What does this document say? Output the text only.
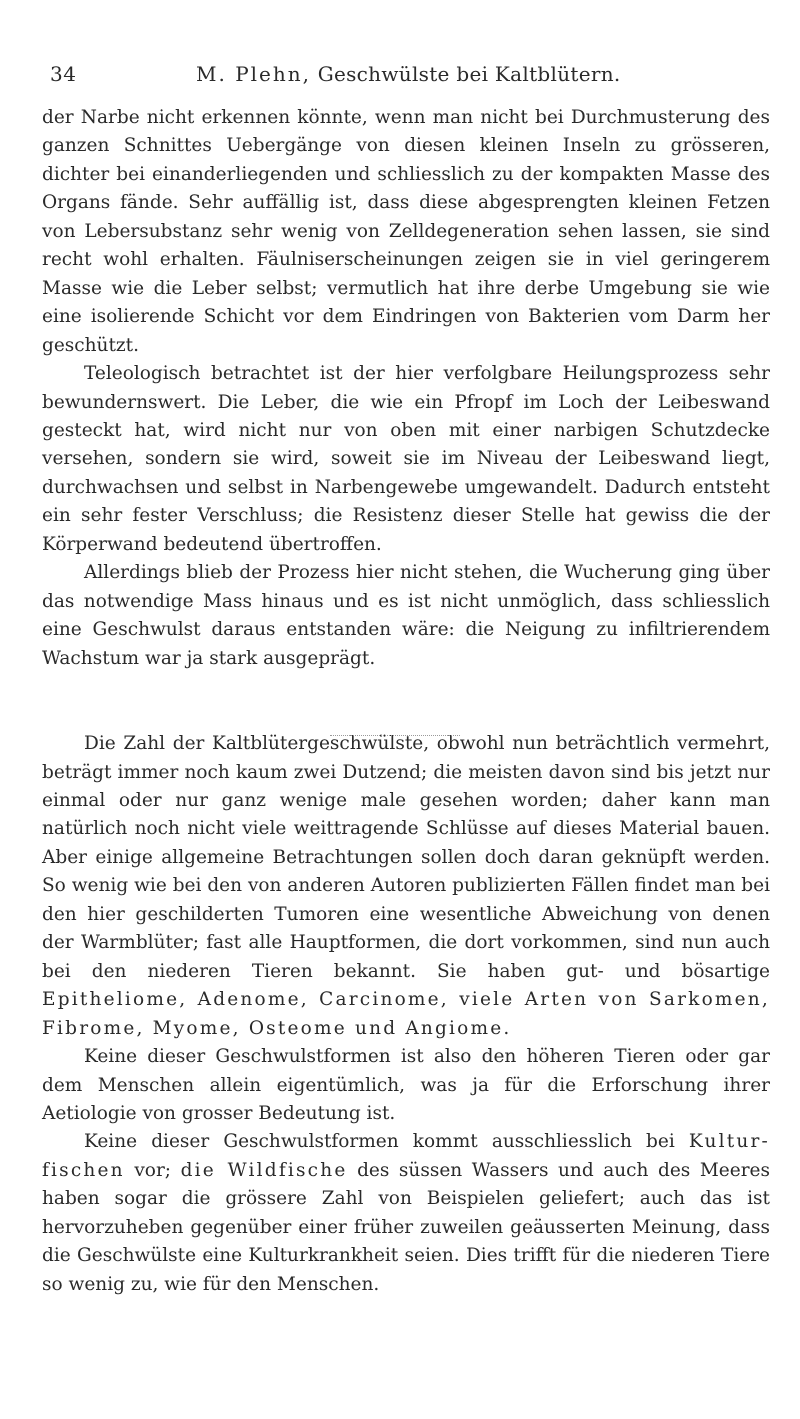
34	M. Plehn, Geschwülste bei Kaltblütern.

der Narbe nicht erkennen könnte, wenn man nicht bei Durchmusterung des ganzen Schnittes Uebergänge von diesen kleinen Inseln zu grösseren, dichter bei einanderliegenden und schliesslich zu der kompakten Masse des Organs fände. Sehr auffällig ist, dass diese abgesprengten kleinen Fetzen von Lebersubstanz sehr wenig von Zelldegeneration sehen lassen, sie sind recht wohl erhalten. Fäulniserscheinungen zeigen sie in viel geringerem Masse wie die Leber selbst; vermutlich hat ihre derbe Umgebung sie wie eine isolierende Schicht vor dem Eindringen von Bakterien vom Darm her geschützt.

Teleologisch betrachtet ist der hier verfolgbare Heilungsprozess sehr bewundernswert. Die Leber, die wie ein Pfropf im Loch der Leibeswand gesteckt hat, wird nicht nur von oben mit einer narbigen Schutzdecke versehen, sondern sie wird, soweit sie im Niveau der Leibeswand liegt, durchwachsen und selbst in Narbengewebe umgewandelt. Dadurch entsteht ein sehr fester Verschluss; die Resistenz dieser Stelle hat gewiss die der Körperwand bedeutend übertroffen.

Allerdings blieb der Prozess hier nicht stehen, die Wucherung ging über das notwendige Mass hinaus und es ist nicht unmöglich, dass schliesslich eine Geschwulst daraus entstanden wäre: die Neigung zu infiltrierendem Wachstum war ja stark ausgeprägt.

Die Zahl der Kaltblütergeschwülste, obwohl nun beträchtlich vermehrt, beträgt immer noch kaum zwei Dutzend; die meisten davon sind bis jetzt nur einmal oder nur ganz wenige male gesehen worden; daher kann man natürlich noch nicht viele weittragende Schlüsse auf dieses Material bauen. Aber einige allgemeine Betrachtungen sollen doch daran geknüpft werden. So wenig wie bei den von anderen Autoren publizierten Fällen findet man bei den hier geschilderten Tumoren eine wesentliche Abweichung von denen der Warmblüter; fast alle Hauptformen, die dort vorkommen, sind nun auch bei den niederen Tieren bekannt. Sie haben gut- und bösartige Epitheliome, Adenome, Carcinome, viele Arten von Sarkomen, Fibrome, Myome, Osteome und Angiome.

Keine dieser Geschwulstformen ist also den höheren Tieren oder gar dem Menschen allein eigentümlich, was ja für die Erforschung ihrer Aetiologie von grosser Bedeutung ist.

Keine dieser Geschwulstformen kommt ausschliesslich bei Kultur-fischen vor; die Wildfische des süssen Wassers und auch des Meeres haben sogar die grössere Zahl von Beispielen geliefert; auch das ist hervorzuheben gegenüber einer früher zuweilen geäusserten Meinung, dass die Geschwülste eine Kulturkrankheit seien. Dies trifft für die niederen Tiere so wenig zu, wie für den Menschen.
